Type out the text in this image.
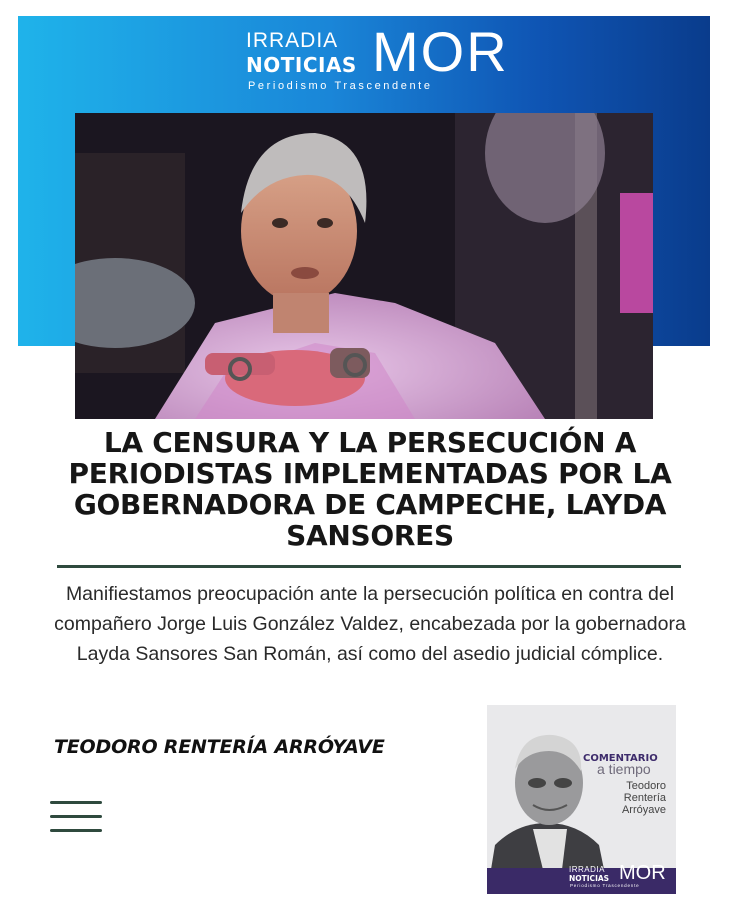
IRRADIA
NOTICIAS MOR
Periodismo Trascendente
LA CENSURA Y LA PERSECUCIÓN A PERIODISTAS IMPLEMENTADAS POR LA GOBERNADORA DE CAMPECHE, LAYDA SANSORES

Manifiestamos preocupación ante la persecución política en contra del compañero Jorge Luis González Valdez, encabezada por la gobernadora Layda Sansores San Román, así como del asedio judicial cómplice.

TEODORO RENTERÍA ARRÓYAVE
COMENTARIO
a tiempo
Teodoro
Rentería
Arróyave
IRRADIA
NOTICIAS MOR
Periodismo Trascendente
